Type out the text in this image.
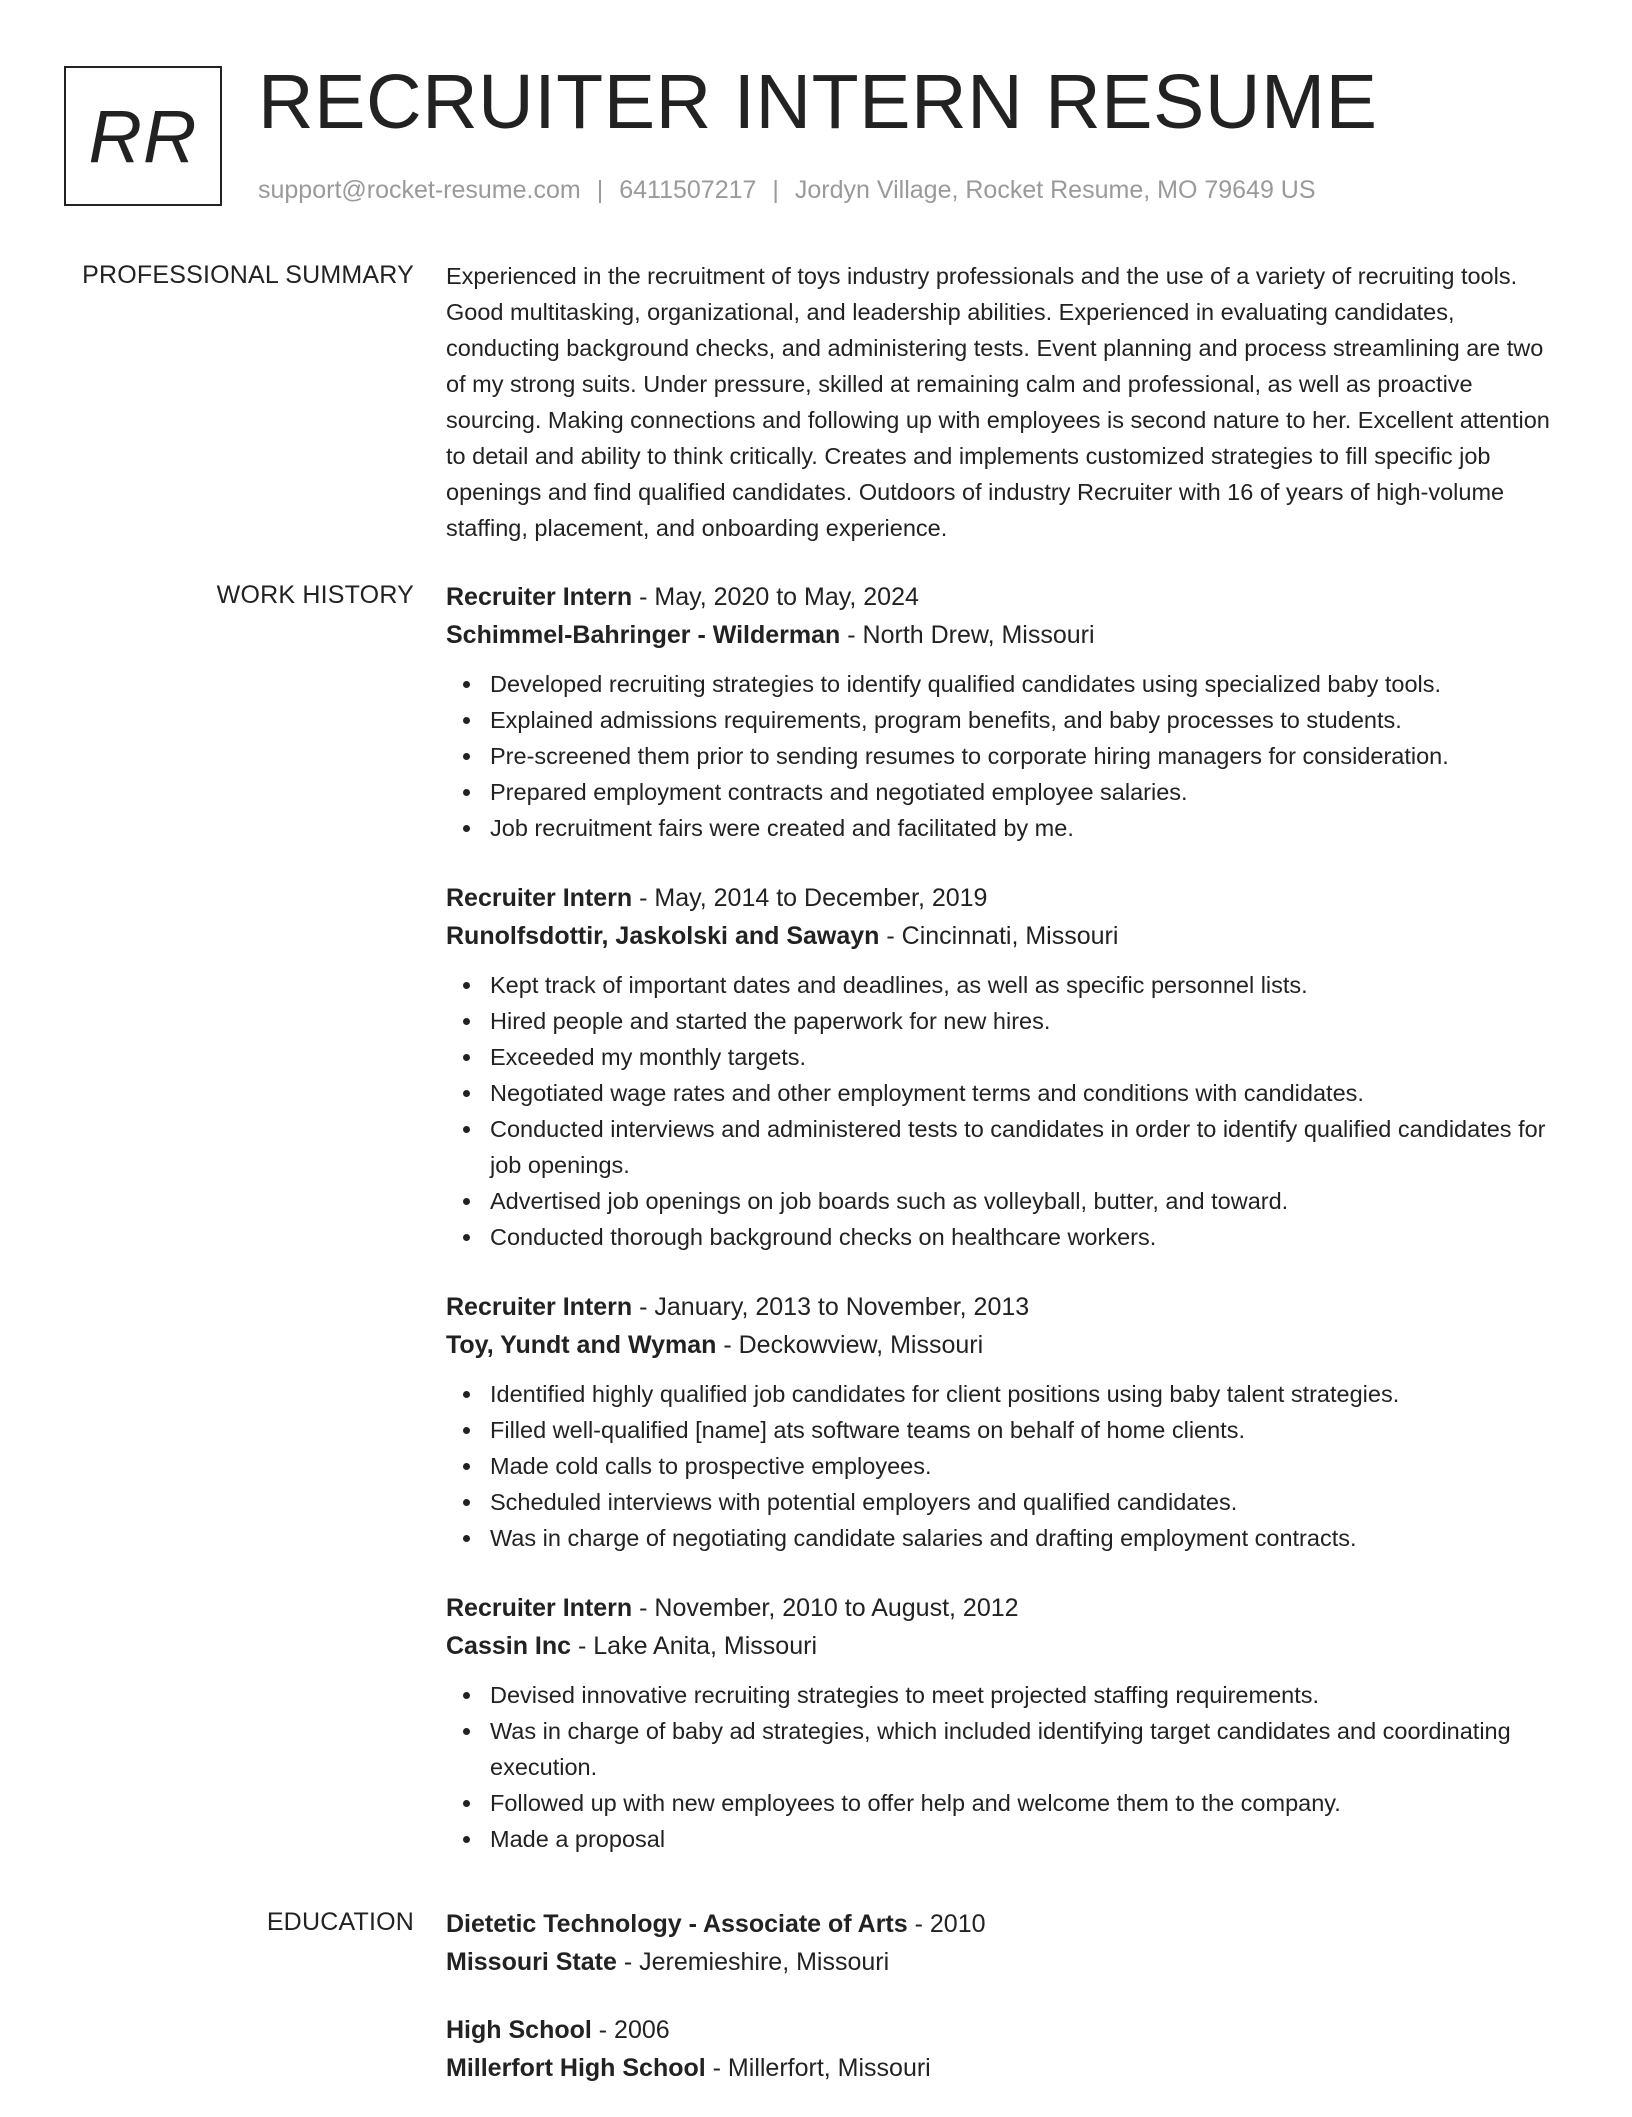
RR RECRUITER INTERN RESUME
support@rocket-resume.com | 6411507217 | Jordyn Village, Rocket Resume, MO 79649 US
PROFESSIONAL SUMMARY Experienced in the recruitment of toys industry professionals and the use of a variety of recruiting tools. Good multitasking, organizational, and leadership abilities. Experienced in evaluating candidates, conducting background checks, and administering tests. Event planning and process streamlining are two of my strong suits. Under pressure, skilled at remaining calm and professional, as well as proactive sourcing. Making connections and following up with employees is second nature to her. Excellent attention to detail and ability to think critically. Creates and implements customized strategies to fill specific job openings and find qualified candidates. Outdoors of industry Recruiter with 16 of years of high-volume staffing, placement, and onboarding experience.

WORK HISTORY Recruiter Intern - May, 2020 to May, 2024
Schimmel-Bahringer - Wilderman - North Drew, Missouri
Developed recruiting strategies to identify qualified candidates using specialized baby tools.
Explained admissions requirements, program benefits, and baby processes to students.
Pre-screened them prior to sending resumes to corporate hiring managers for consideration.
Prepared employment contracts and negotiated employee salaries.
Job recruitment fairs were created and facilitated by me.
Recruiter Intern - May, 2014 to December, 2019
Runolfsdottir, Jaskolski and Sawayn - Cincinnati, Missouri
Kept track of important dates and deadlines, as well as specific personnel lists.
Hired people and started the paperwork for new hires.
Exceeded my monthly targets.
Negotiated wage rates and other employment terms and conditions with candidates.
Conducted interviews and administered tests to candidates in order to identify qualified candidates for job openings.
Advertised job openings on job boards such as volleyball, butter, and toward.
Conducted thorough background checks on healthcare workers.
Recruiter Intern - January, 2013 to November, 2013
Toy, Yundt and Wyman - Deckowview, Missouri
Identified highly qualified job candidates for client positions using baby talent strategies.
Filled well-qualified [name] ats software teams on behalf of home clients.
Made cold calls to prospective employees.
Scheduled interviews with potential employers and qualified candidates.
Was in charge of negotiating candidate salaries and drafting employment contracts.
Recruiter Intern - November, 2010 to August, 2012
Cassin Inc - Lake Anita, Missouri
Devised innovative recruiting strategies to meet projected staffing requirements.
Was in charge of baby ad strategies, which included identifying target candidates and coordinating execution.
Followed up with new employees to offer help and welcome them to the company.
Made a proposal
EDUCATION Dietetic Technology - Associate of Arts - 2010
Missouri State - Jeremieshire, Missouri
High School - 2006
Millerfort High School - Millerfort, Missouri
